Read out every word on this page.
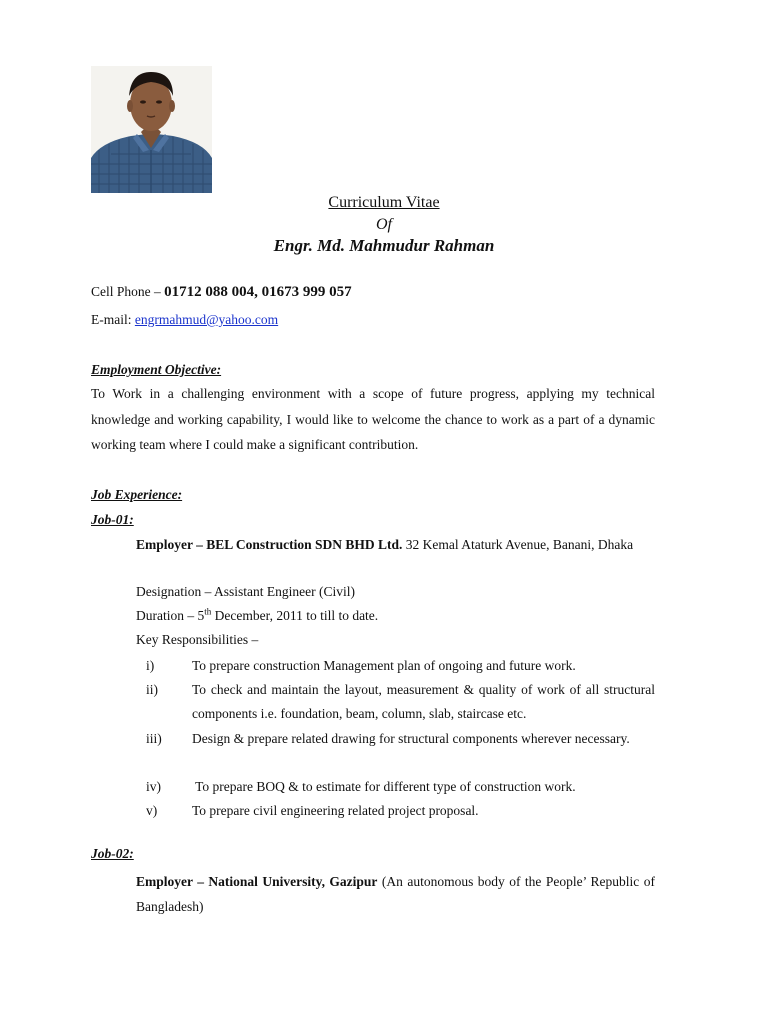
Curriculum Vitae
Of
Engr. Md. Mahmudur Rahman
Cell Phone – 01712 088 004, 01673 999 057
E-mail: engrmahmud@yahoo.com
Employment Objective:
To Work in a challenging environment with a scope of future progress, applying my technical knowledge and working capability, I would like to welcome the chance to work as a part of a dynamic working team where I could make a significant contribution.
Job Experience:
Job-01:
Employer – BEL Construction SDN BHD Ltd. 32 Kemal Ataturk Avenue, Banani, Dhaka
Designation – Assistant Engineer (Civil)
Duration – 5th December, 2011 to till to date.
Key Responsibilities –
i)	To prepare construction Management plan of ongoing and future work.
ii)	To check and maintain the layout, measurement & quality of work of all structural components i.e. foundation, beam, column, slab, staircase etc.
iii) Design & prepare related drawing for structural components wherever necessary.
iv) To prepare BOQ & to estimate for different type of construction work.
v)	To prepare civil engineering related project proposal.
Job-02:
Employer – National University, Gazipur (An autonomous body of the People’ Republic of Bangladesh)
